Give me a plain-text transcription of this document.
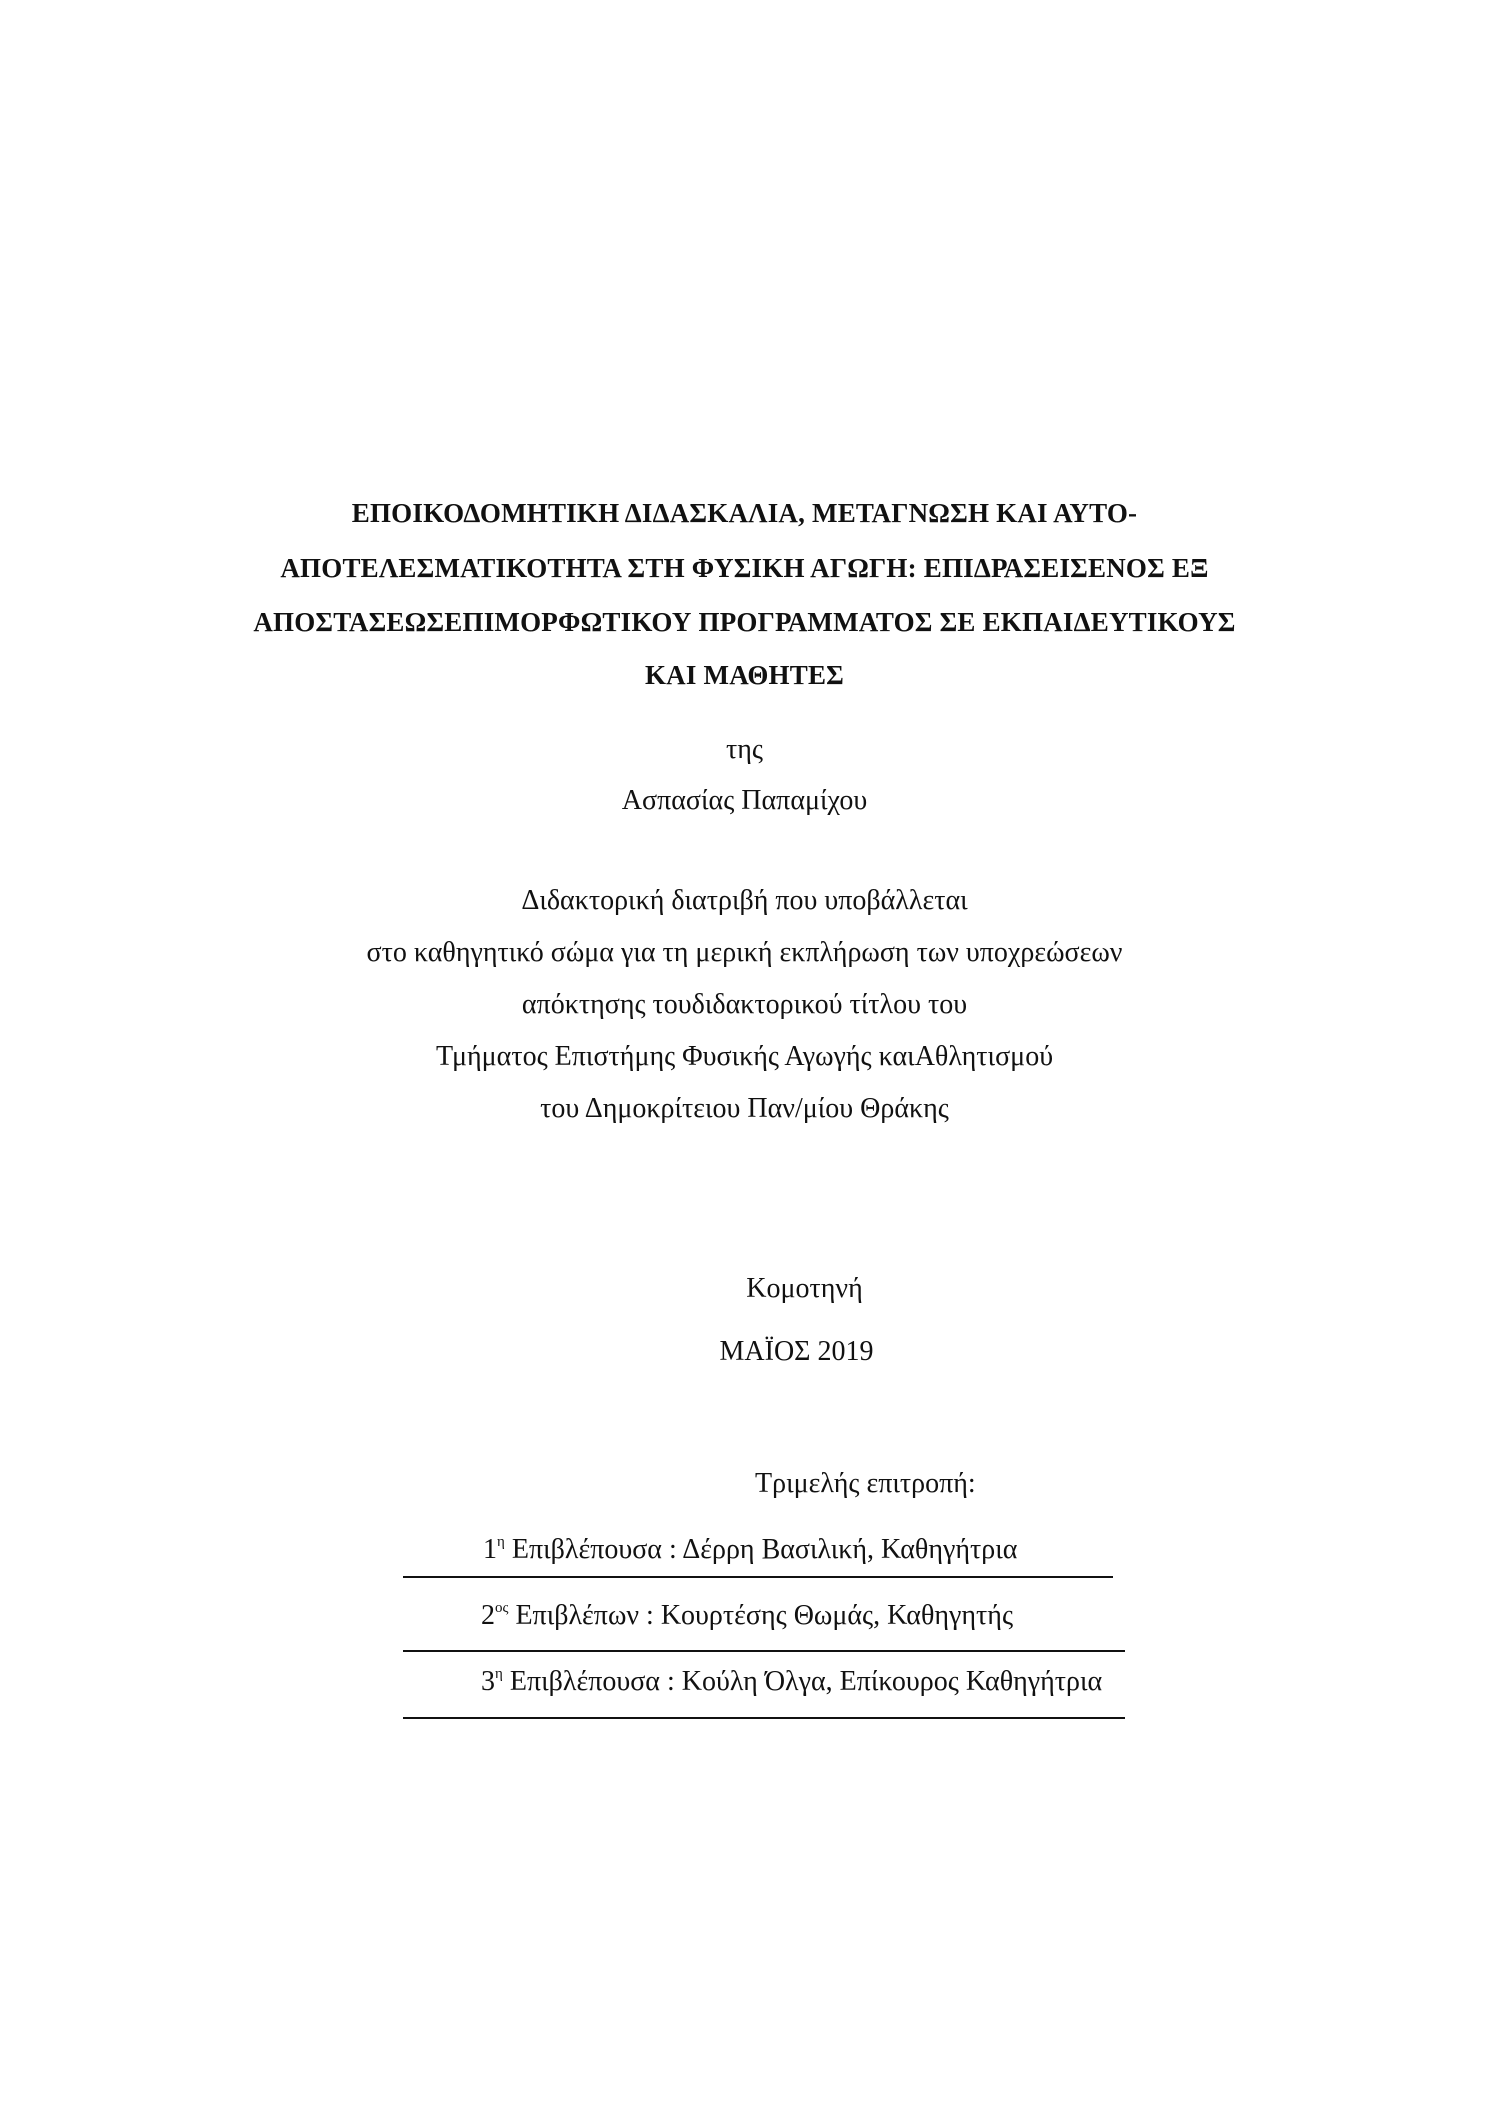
ΕΠΟΙΚΟΔΟΜΗΤΙΚΗ ΔΙΔΑΣΚΑΛΙΑ, ΜΕΤΑΓΝΩΣΗ ΚΑΙ ΑΥΤΟ-
ΑΠΟΤΕΛΕΣΜΑΤΙΚΟΤΗΤΑ ΣΤΗ ΦΥΣΙΚΗ ΑΓΩΓΗ: ΕΠΙΔΡΑΣΕΙΣΕΝΟΣ ΕΞ
ΑΠΟΣΤΑΣΕΩΣΕΠΙΜΟΡΦΩΤΙΚΟΥ ΠΡΟΓΡΑΜΜΑΤΟΣ ΣΕ ΕΚΠΑΙΔΕΥΤΙΚΟΥΣ
ΚΑΙ ΜΑΘΗΤΕΣ
της
Ασπασίας Παπαμίχου
Διδακτορική διατριβή που υποβάλλεται
στο καθηγητικό σώμα για τη μερική εκπλήρωση των υποχρεώσεων
απόκτησης τουδιδακτορικού τίτλου του
Τμήματος Επιστήμης Φυσικής Αγωγής καιΑθλητισμού
του Δημοκρίτειου Παν/μίου Θράκης
Κομοτηνή
ΜΑΪΟΣ 2019
Τριμελής επιτροπή:
$1^\eta$ Επιβλέπουσα : Δέρρη Βασιλική, Καθηγήτρια
$2^{o\varsigma}$ Επιβλέπων : Κουρτέσης Θωμάς, Καθηγητής
$3^\eta$ Επιβλέπουσα : Κούλη Όλγα, Επίκουρος Καθηγήτρια
